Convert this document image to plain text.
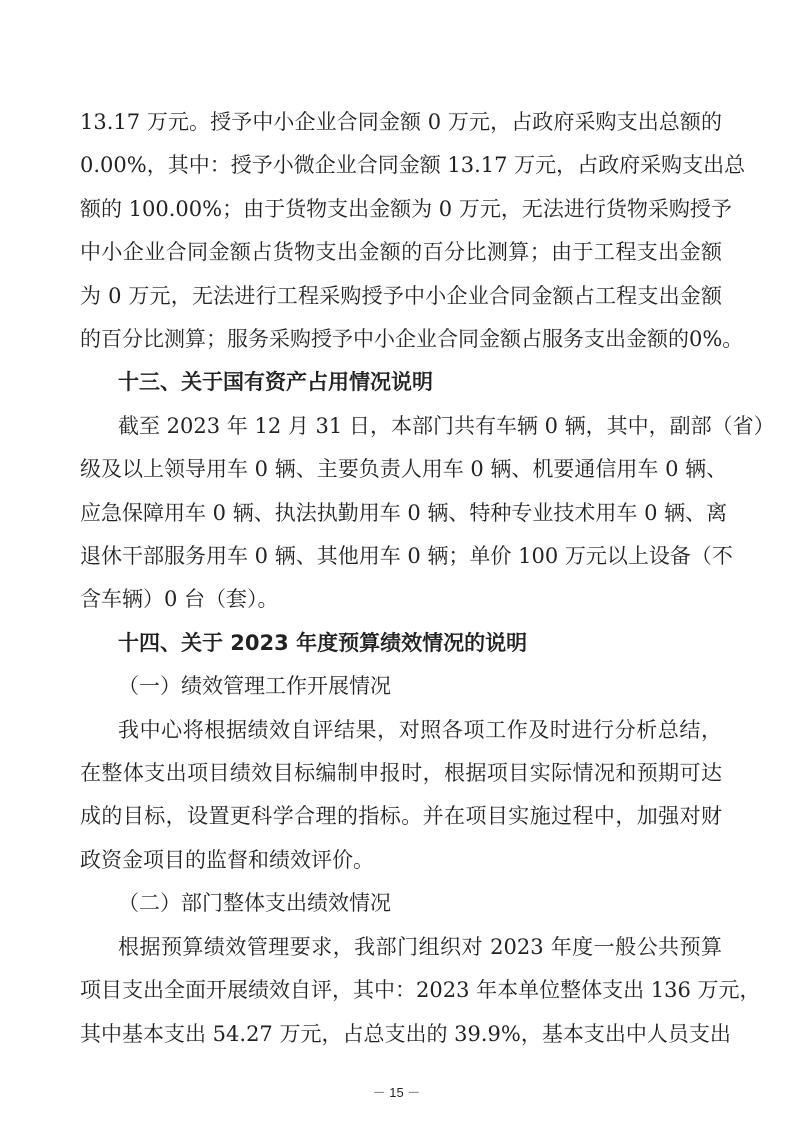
13.17 万元。授予中小企业合同金额 0 万元，占政府采购支出总额的
0.00%，其中：授予小微企业合同金额 13.17 万元，占政府采购支出总
额的 100.00%；由于货物支出金额为 0 万元，无法进行货物采购授予
中小企业合同金额占货物支出金额的百分比测算；由于工程支出金额
为 0 万元，无法进行工程采购授予中小企业合同金额占工程支出金额
的百分比测算；服务采购授予中小企业合同金额占服务支出金额的0%。
十三、关于国有资产占用情况说明
截至 2023 年 12 月 31 日，本部门共有车辆 0 辆，其中，副部（省）
级及以上领导用车 0 辆、主要负责人用车 0 辆、机要通信用车 0 辆、
应急保障用车 0 辆、执法执勤用车 0 辆、特种专业技术用车 0 辆、离
退休干部服务用车 0 辆、其他用车 0 辆；单价 100 万元以上设备（不
含车辆）0 台（套）。
十四、关于 2023 年度预算绩效情况的说明
（一）绩效管理工作开展情况
我中心将根据绩效自评结果，对照各项工作及时进行分析总结，
在整体支出项目绩效目标编制申报时，根据项目实际情况和预期可达
成的目标，设置更科学合理的指标。并在项目实施过程中，加强对财
政资金项目的监督和绩效评价。
（二）部门整体支出绩效情况
根据预算绩效管理要求，我部门组织对 2023 年度一般公共预算
项目支出全面开展绩效自评，其中：2023 年本单位整体支出 136 万元，
其中基本支出 54.27 万元，占总支出的 39.9%，基本支出中人员支出
－ 15 －
